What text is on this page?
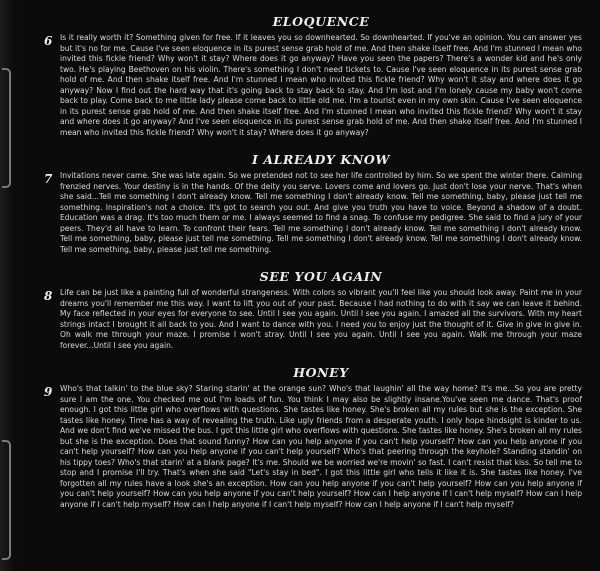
ELOQUENCE
6 Is it really worth it? Something given for free. If it leaves you so downhearted. So downhearted. If you've an opinion. You can answer yes but it's no for me. Cause I've seen eloquence in its purest sense grab hold of me. And then shake itself free. And I'm stunned I mean who invited this fickle friend? Why won't it stay? Where does it go anyway? Have you seen the papers? There's a wonder kid and he's only two. He's playing Beethoven on his violin. There's something I don't need tickets to. Cause I've seen eloquence in its purest sense grab hold of me. And then shake itself free. And I'm stunned I mean who invited this fickle friend? Why won't it stay and where does it go anyway? Now I find out the hard way that it's going back to stay back to stay. And I'm lost and I'm lonely cause my baby won't come back to play. Come back to me little lady please come back to little old me. I'm a tourist even in my own skin. Cause I've seen eloquence in its purest sense grab hold of me. And then shake itself free. And I'm stunned I mean who invited this fickle friend? Why won't it stay and where does it go anyway? And I've seen eloquence in its purest sense grab hold of me. And then shake itself free. And I'm stunned I mean who invited this fickle friend? Why won't it stay? Where does it go anyway?

I ALREADY KNOW
7 Invitations never came. She was late again. So we pretended not to see her life controlled by him. So we spent the winter there. Calming frenzied nerves. Your destiny is in the hands. Of the deity you serve. Lovers come and lovers go. Just don't lose your nerve. That's when she said...Tell me something I don't already know. Tell me something I don't already know. Tell me something, baby, please just tell me something. Inspiration's not a choice. It's got to search you out. And give you truth you have to voice. Beyond a shadow of a doubt. Education was a drag. It's too much them or me. I always seemed to find a snag. To confuse my pedigree. She said to find a jury of your peers. They'd all have to learn. To confront their fears. Tell me something I don't already know. Tell me something I don't already know. Tell me something, baby, please just tell me something. Tell me something I don't already know. Tell me something I don't already know. Tell me something, baby, please just tell me something.

SEE YOU AGAIN
8 Life can be just like a painting full of wonderful strangeness. With colors so vibrant you'll feel like you should look away. Paint me in your dreams you'll remember me this way. I want to lift you out of your past. Because I had nothing to do with it say we can leave it behind. My face reflected in your eyes for everyone to see. Until I see you again. Until I see you again. I amazed all the survivors. With my heart strings intact I brought it all back to you. And I want to dance with you. I need you to enjoy just the thought of it. Give in give in give in. Oh walk me through your maze. I promise I won't stray. Until I see you again. Until I see you again. Walk me through your maze forever...Until I see you again.

HONEY
9 Who's that talkin' to the blue sky? Staring starin' at the orange sun? Who's that laughin' all the way home? It's me...So you are pretty sure I am the one. You checked me out I'm loads of fun. You think I may also be slightly insane.You've seen me dance. That's proof enough. I got this little girl who overflows with questions. She tastes like honey. She's broken all my rules but she is the exception. She tastes like honey. Time has a way of revealing the truth. Like ugly friends from a desperate youth. I only hope hindsight is kinder to us. And we don't find we've missed the bus. I got this little girl who overflows with questions. She tastes like honey. She's broken all my rules but she is the exception. Does that sound funny? How can you help anyone if you can't help yourself? How can you help anyone if you can't help yourself? How can you help anyone if you can't help yourself? Who's that peering through the keyhole? Standing standin' on his tippy toes? Who's that starin' at a blank page? It's me. Should we be worried we're movin' so fast. I can't resist that kiss. So tell me to stop and I promise I'll try. That's when she said "Let's stay in bed". I got this little girl who tells it like it is. She tastes like honey. I've forgotten all my rules have a look she's an exception. How can you help anyone if you can't help yourself? How can you help anyone if you can't help yourself? How can you help anyone if you can't help yourself? How can I help anyone if I can't help myself? How can I help anyone if I can't help myself? How can I help anyone if I can't help myself? How can I help anyone if I can't help myself?
